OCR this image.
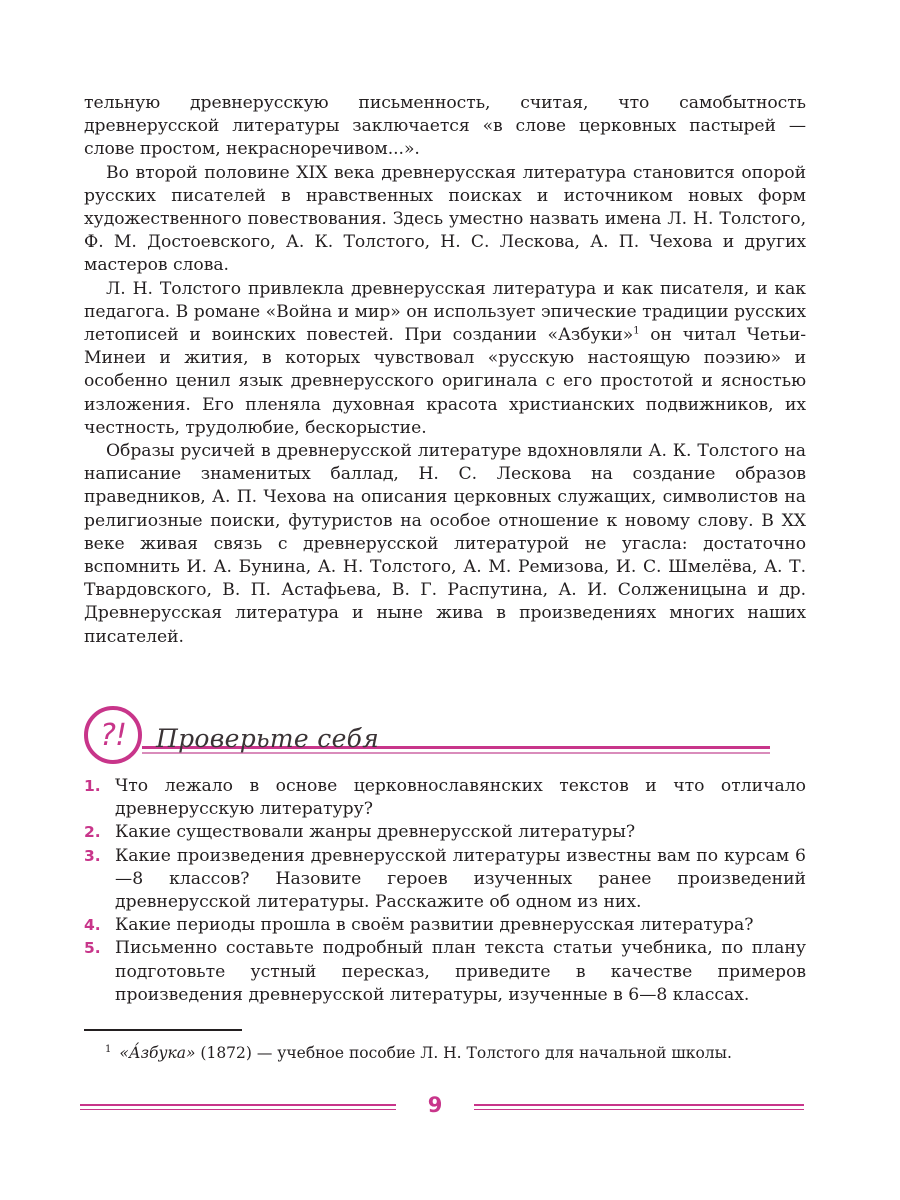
тельную древнерусскую письменность, считая, что самобытность древнерусской литературы заключается «в слове церковных пастырей — слове простом, некрасноречивом...».

Во второй половине XIX века древнерусская литература становится опорой русских писателей в нравственных поисках и источником новых форм художественного повествования. Здесь уместно назвать имена Л. Н. Толстого, Ф. М. Достоевского, А. К. Толстого, Н. С. Лескова, А. П. Чехова и других мастеров слова.

Л. Н. Толстого привлекла древнерусская литература и как писателя, и как педагога. В романе «Война и мир» он использует эпические традиции русских летописей и воинских повестей. При создании «Азбуки»$^1$ он читал Четьи-Минеи и жития, в которых чувствовал «русскую настоящую поэзию» и особенно ценил язык древнерусского оригинала с его простотой и ясностью изложения. Его пленяла духовная красота христианских подвижников, их честность, трудолюбие, бескорыстие.

Образы русичей в древнерусской литературе вдохновляли А. К. Толстого на написание знаменитых баллад, Н. С. Лескова на создание образов праведников, А. П. Чехова на описания церковных служащих, символистов на религиозные поиски, футуристов на особое отношение к новому слову. В XX веке живая связь с древнерусской литературой не угасла: достаточно вспомнить И. А. Бунина, А. Н. Толстого, А. М. Ремизова, И. С. Шмелёва, А. Т. Твардовского, В. П. Астафьева, В. Г. Распутина, А. И. Солженицына и др. Древнерусская литература и ныне жива в произведениях многих наших писателей.

?!	Проверьте себя
1. Что лежало в основе церковнославянских текстов и что отличало древнерусскую литературу?
2. Какие существовали жанры древнерусской литературы?
3. Какие произведения древнерусской литературы известны вам по курсам 6—8 классов? Назовите героев изученных ранее произведений древнерусской литературы. Расскажите об одном из них.
4. Какие периоды прошла в своём развитии древнерусская литература?
5. Письменно составьте подробный план текста статьи учебника, по плану подготовьте устный пересказ, приведите в качестве примеров произведения древнерусской литературы, изученные в 6—8 классах.
$^1$ «А́збука» (1872) — учебное пособие Л. Н. Толстого для начальной школы.
9
